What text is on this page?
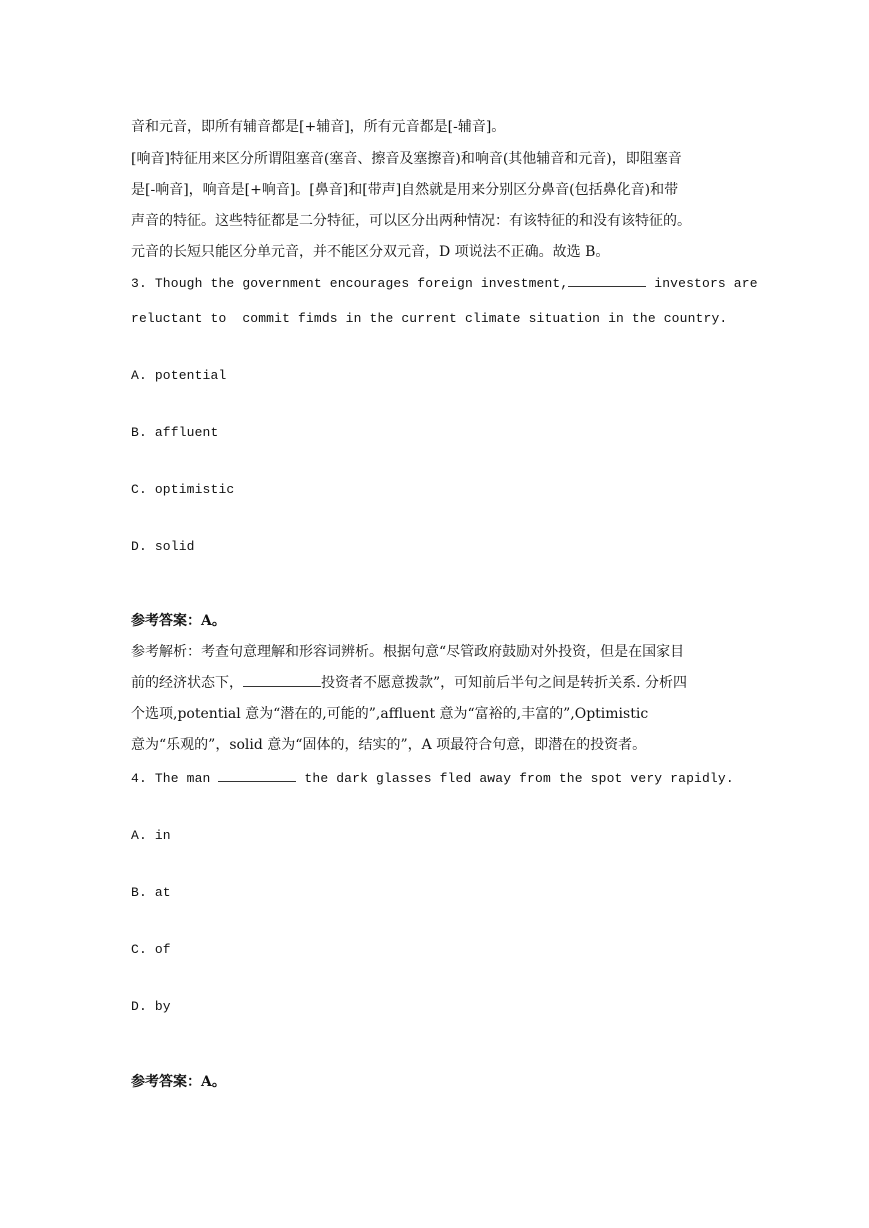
音和元音，即所有辅音都是[+辅音]，所有元音都是[-辅音]。

[响音]特征用来区分所谓阻塞音(塞音、擦音及塞擦音)和响音(其他辅音和元音)，即阻塞音

是[-响音]，响音是[+响音]。[鼻音]和[带声]自然就是用来分别区分鼻音(包括鼻化音)和带

声音的特征。这些特征都是二分特征，可以区分出两种情况：有该特征的和没有该特征的。

元音的长短只能区分单元音，并不能区分双元音，D 项说法不正确。故选 B。

3. Though the government encourages foreign investment,	investors are

reluctant to  commit fimds in the current climate situation in the country.

A. potential

B. affluent

C. optimistic

D. solid

参考答案：A。

参考解析：考查句意理解和形容词辨析。根据句意“尽管政府鼓励对外投资，但是在国家目

前的经济状态下，	投资者不愿意拨款”，可知前后半句之间是转折关系. 分析四

个选项,potential 意为“潜在的,可能的”,affluent 意为“富裕的,丰富的”,Optimistic

意为“乐观的”，solid 意为“固体的，结实的”，A 项最符合句意，即潜在的投资者。

4. The man	the dark glasses fled away from the spot very rapidly.

A. in

B. at

C. of

D. by

参考答案：A。
